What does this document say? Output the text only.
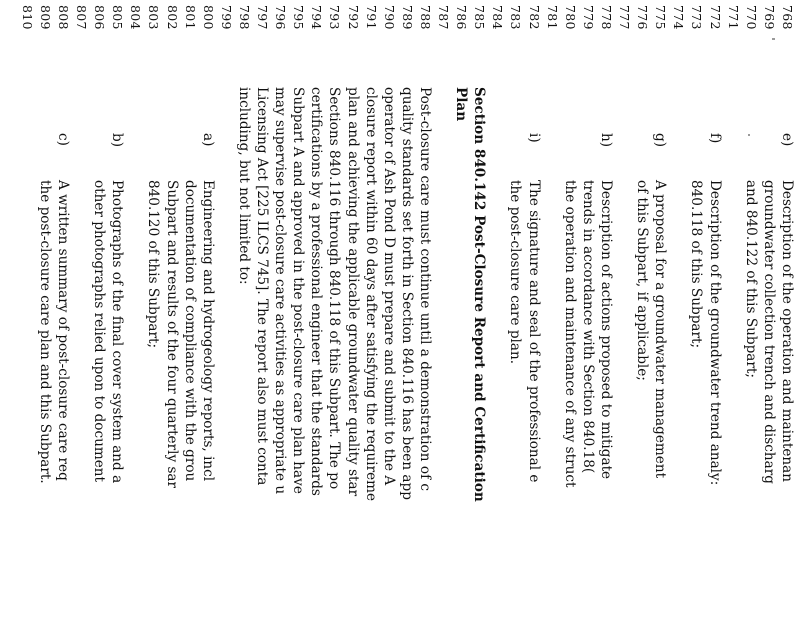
768
e)
Description of the operation and maintenan
769
groundwater collection trench and discharg
770
and 840.122 of this Subpart;
771
772
f)
Description of the groundwater trend analy:
773
840.118 of this Subpart;
774
775
g)
A proposal for a groundwater management
776
of this Subpart, if applicable;
777
778
h)
Description of actions proposed to mitigate
779
trends in accordance with Section 840.18(
780
the operation and maintenance of any struct
781
782
i)
The signature and seal of the professional e
783
the post-closure care plan.
784
785
Section 840.142 Post-Closure Report and Certification
786
Plan
787
788
Post-closure care must continue until a demonstration of c
789
quality standards set forth in Section 840.116 has been app
790
operator of Ash Pond D must prepare and submit to the A
791
closure report within 60 days after satisfying the requireme
792
plan and achieving the applicable groundwater quality star
793
Sections 840.116 through 840.118 of this Subpart. The po
794
certifications by a professional engineer that the standards
795
Subpart A and approved in the post-closure care plan have
796
may supervise post-closure care activities as appropriate u
797
Licensing Act [225 ILCS 745]. The report also must conta
798
including, but not limited to:
799
800
a)
Engineering and hydrogeology reports, incl
801
documentation of compliance with the grou
802
Subpart and results of the four quarterly sar
803
840.120 of this Subpart;
804
805
b)
Photographs of the final cover system and a
806
other photographs relied upon to document
807
808
c)
A written summary of post-closure care req
809
the post-closure care plan and this Subpart.
810
